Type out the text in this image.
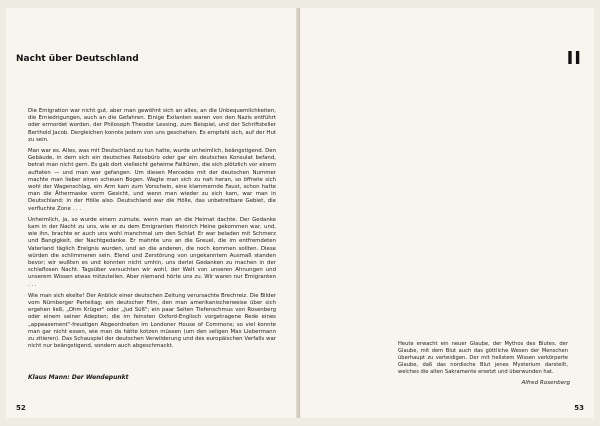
Nacht über Deutschland

Die Emigration war nicht gut, aber man gewöhnt sich an alles, an die Unbequemlichkeiten, die Erniedrigungen, auch an die Gefahren. Einige Exilanten waren von den Nazis entführt oder ermordet worden, der Philosoph Theodor Lessing, zum Beispiel, und der Schriftsteller Berthold Jacob. Dergleichen konnte jedem von uns geschehen. Es empfahl sich, auf der Hut zu sein.

Man war es. Alles, was mit Deutschland zu tun hatte, wurde unheimlich, beängstigend. Den Gebäude, in dem sich ein deutsches Reisebüro oder gar ein deutsches Konsulat befand, betrat man nicht gern. Es gab dort vielleicht geheime Falltüren, die sich plötzlich vor einem auftaten — und man war gefangen. Um diesen Mercedes mit der deutschen Nummer machte man lieber einen scheuen Bogen. Wagte man sich zu nah heran, so öffnete sich wohl der Wagenschlag, ein Arm kam zum Vorschein, eine klammernde Faust, schon hatte man die Äthermaske vorm Gesicht, und wenn man wieder zu sich kam, war man in Deutschland: in der Hölle also. Deutschland war die Hölle, das unbetretbare Gebiet, die verfluchte Zone . . .

Unheimlich, ja, so wurde einem zumute, wenn man an die Heimat dachte. Der Gedanke kam in der Nacht zu uns, wie er zu dem Emigranten Heinrich Heine gekommen war, und, wie ihn, brachte er auch uns wohl manchmal um den Schlaf. Er war beladen mit Schmerz und Bangigkeit, der Nachtgedanke. Er mahnte uns an die Greuel, die im entfremdeten Vaterland täglich Ereignis wurden, und an die anderen, die noch kommen sollten. Diese würden die schlimmeren sein. Elend und Zerstörung von ungekanntem Ausmaß standen bevor; wir wußten es und konnten nicht umhin, uns derlei Gedanken zu machen in der schlaflosen Nacht. Tagsüber versuchten wir wohl, der Welt von unseren Ahnungen und unserem Wissen etwas mitzuteilen. Aber niemand hörte uns zu. Wir waren nur Emigranten . . .

Wie man sich ekelte! Der Anblick einer deutschen Zeitung verursachte Brechreiz. Die Bilder vom Nürnberger Parteitag; ein deutscher Film, den man amerikanischerweise über sich ergehen ließ, „Ohm Krüger" oder „Jud Süß"; ein paar Seiten Tiefenschmus von Rosenberg oder einem seiner Adepten; die im feinsten Oxford-Englisch vorgetragene Rede eines „appeasement"-freudigen Abgeordneten im Londoner House of Commons; so viel konnte man gar nicht essen, wie man da hätte kotzen müssen (um den seligen Max Liebermann zu zitieren). Das Schauspiel der deutschen Verwilderung und des europäischen Verfalls war nicht nur beängstigend, sondern auch abgeschmackt.

Klaus Mann: Der Wendepunkt
52
II

Heute erwacht ein neuer Glaube, der Mythos des Blutes, der Glaube, mit dem Blut auch das göttliche Wesen der Menschen überhaupt zu verteidigen. Der mit hellstem Wissen verkörperte Glaube, daß das nordische Blut jenes Mysterium darstellt, welches die alten Sakramente ersetzt und überwunden hat.

Alfred Rosenberg
53
